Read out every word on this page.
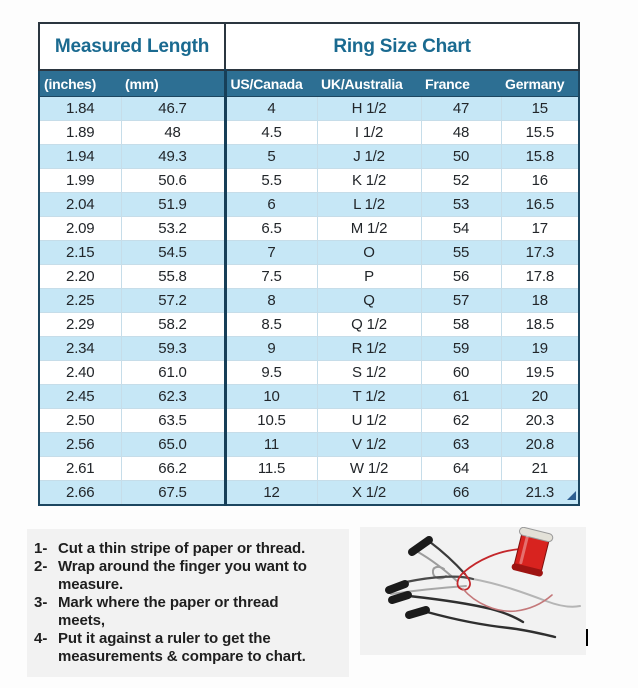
Measured Length		Ring Size Chart			
(inches)	(mm)	US/Canada	UK/Australia	France	Germany
1.84	46.7	4	H 1/2	47	15
1.89	48	4.5	I 1/2	48	15.5
1.94	49.3	5	J 1/2	50	15.8
1.99	50.6	5.5	K 1/2	52	16
2.04	51.9	6	L 1/2	53	16.5
2.09	53.2	6.5	M 1/2	54	17
2.15	54.5	7	O	55	17.3
2.20	55.8	7.5	P	56	17.8
2.25	57.2	8	Q	57	18
2.29	58.2	8.5	Q 1/2	58	18.5
2.34	59.3	9	R 1/2	59	19
2.40	61.0	9.5	S 1/2	60	19.5
2.45	62.3	10	T 1/2	61	20
2.50	63.5	10.5	U 1/2	62	20.3
2.56	65.0	11	V 1/2	63	20.8
2.61	66.2	11.5	W 1/2	64	21
2.66	67.5	12	X 1/2	66	21.3
1- Cut a thin stripe of paper or thread.
2- Wrap around the finger you want to measure.
3- Mark where the paper or thread meets,
4- Put it against a ruler to get the measurements & compare to chart.
